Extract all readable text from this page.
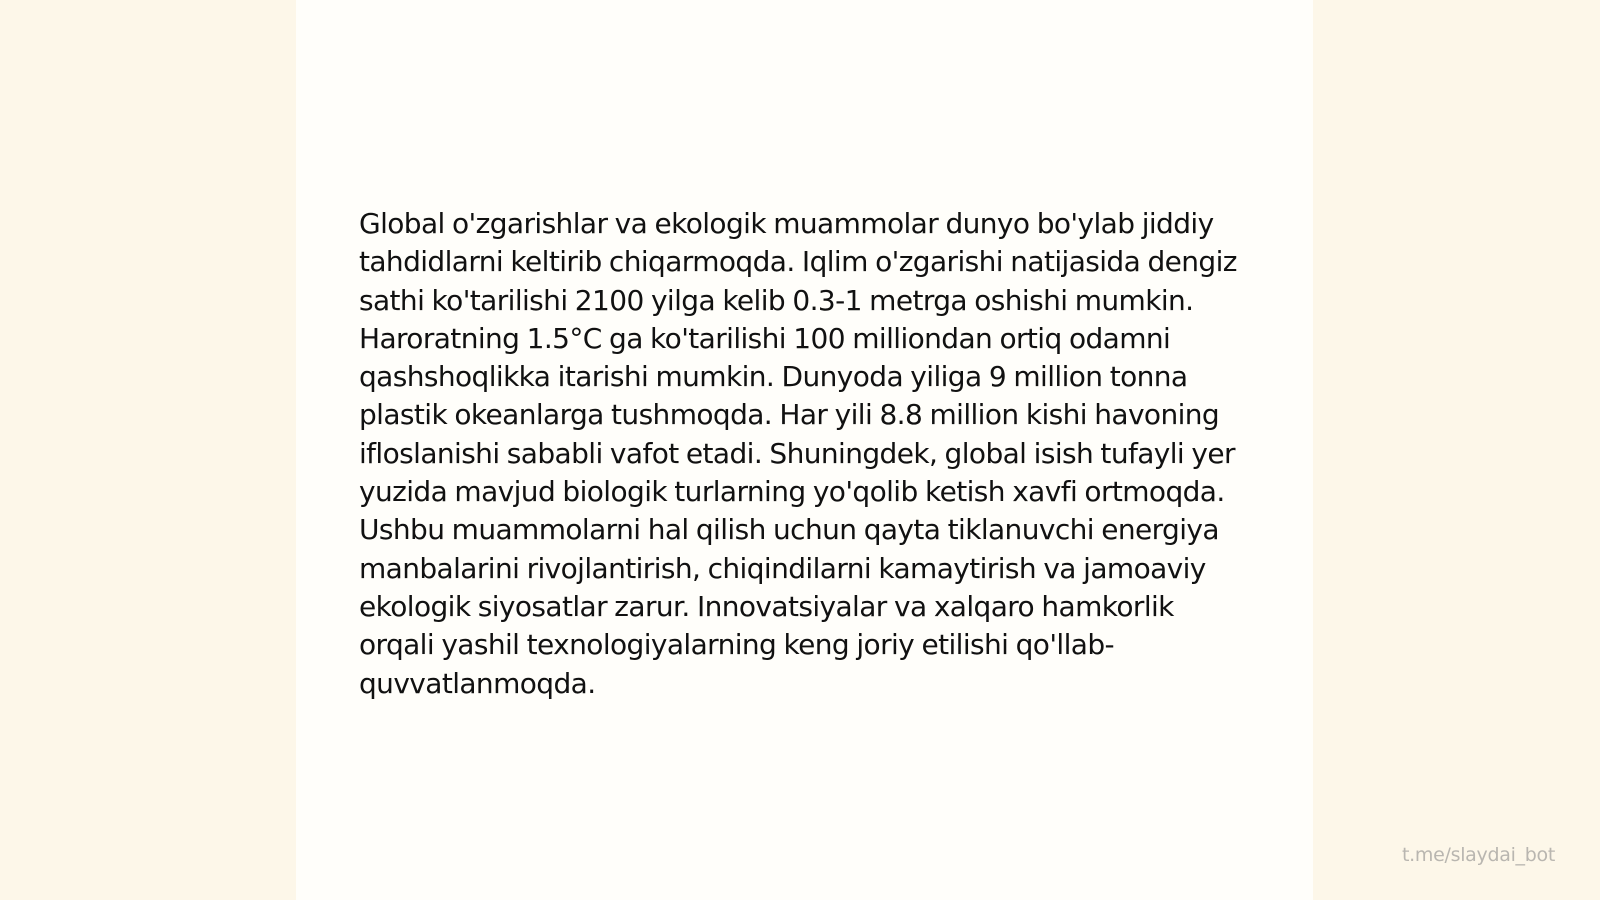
Global o'zgarishlar va ekologik muammolar dunyo bo'ylab jiddiy tahdidlarni keltirib chiqarmoqda. Iqlim o'zgarishi natijasida dengiz sathi ko'tarilishi 2100 yilga kelib 0.3-1 metrga oshishi mumkin. Haroratning 1.5°C ga ko'tarilishi 100 milliondan ortiq odamni qashshoqlikka itarishi mumkin. Dunyoda yiliga 9 million tonna plastik okeanlarga tushmoqda. Har yili 8.8 million kishi havoning ifloslanishi sababli vafot etadi. Shuningdek, global isish tufayli yer yuzida mavjud biologik turlarning yo'qolib ketish xavfi ortmoqda. Ushbu muammolarni hal qilish uchun qayta tiklanuvchi energiya manbalarini rivojlantirish, chiqindilarni kamaytirish va jamoaviy ekologik siyosatlar zarur. Innovatsiyalar va xalqaro hamkorlik orqali yashil texnologiyalarning keng joriy etilishi qo'llab-quvvatlanmoqda.

t.me/slaydai_bot
